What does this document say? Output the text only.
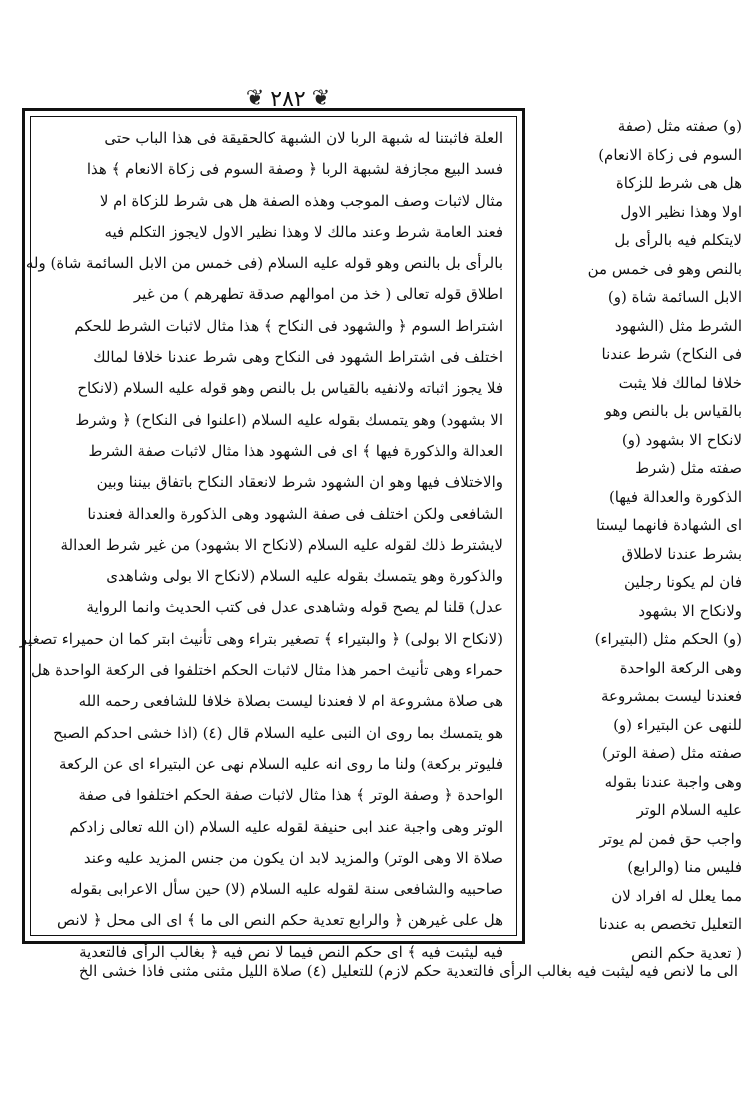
❦ ٢٨٢ ❦
العلة فاثبتنا له شبهة الربا لان الشبهة كالحقيقة فى هذا الباب حتى
فسد البيع مجازفة لشبهة الربا ﴿ وصفة السوم فى زكاة الانعام ﴾ هذا
مثال لاثبات وصف الموجب وهذه الصفة هل هى شرط للزكاة ام لا
فعند العامة شرط وعند مالك لا وهذا نظير الاول لايجوز التكلم فيه
بالرأى بل بالنص وهو قوله عليه السلام (فى خمس من الابل السائمة شاة) وله
اطلاق قوله تعالى ( خذ من اموالهم صدقة تطهرهم ) من غير
اشتراط السوم ﴿ والشهود فى النكاح ﴾ هذا مثال لاثبات الشرط للحكم
اختلف فى اشتراط الشهود فى النكاح وهى شرط عندنا خلافا لمالك
فلا يجوز اثباته ولانفيه بالقياس بل بالنص وهو قوله عليه السلام (لانكاح
الا بشهود) وهو يتمسك بقوله عليه السلام (اعلنوا فى النكاح) ﴿ وشرط
العدالة والذكورة فيها ﴾ اى فى الشهود هذا مثال لاثبات صفة الشرط
والاختلاف فيها وهو ان الشهود شرط لانعقاد النكاح باتفاق بيننا وبين
الشافعى ولكن اختلف فى صفة الشهود وهى الذكورة والعدالة فعندنا
لايشترط ذلك لقوله عليه السلام (لانكاح الا بشهود) من غير شرط العدالة
والذكورة وهو يتمسك بقوله عليه السلام (لانكاح الا بولى وشاهدى
عدل) قلنا لم يصح قوله وشاهدى عدل فى كتب الحديث وانما الرواية
(لانكاح الا بولى) ﴿ والبتيراء ﴾ تصغير بتراء وهى تأنيث ابتر كما ان حميراء تصغير
حمراء وهى تأنيث احمر هذا مثال لاثبات الحكم اختلفوا فى الركعة الواحدة هل
هى صلاة مشروعة ام لا فعندنا ليست بصلاة خلافا للشافعى رحمه الله
هو يتمسك بما روى ان النبى عليه السلام قال (٤) (اذا خشى احدكم الصبح
فليوتر بركعة) ولنا ما روى انه عليه السلام نهى عن البتيراء اى عن الركعة
الواحدة ﴿ وصفة الوتر ﴾ هذا مثال لاثبات صفة الحكم اختلفوا فى صفة
الوتر وهى واجبة عند ابى حنيفة لقوله عليه السلام (ان الله تعالى زادكم
صلاة الا وهى الوتر) والمزيد لابد ان يكون من جنس المزيد عليه وعند
صاحبيه والشافعى سنة لقوله عليه السلام (لا) حين سأل الاعرابى بقوله
هل على غيرهن ﴿ والرابع تعدية حكم النص الى ما ﴾ اى الى محل ﴿ لانص
فيه ليثبت فيه ﴾ اى حكم النص فيما لا نص فيه ﴿ بغالب الرأى فالتعدية
(و) صفته مثل (صفة
السوم فى زكاة الانعام)
هل هى شرط للزكاة
اولا وهذا نظير الاول
لايتكلم فيه بالرأى بل
بالنص وهو فى خمس من
الابل السائمة شاة (و)
الشرط مثل (الشهود
فى النكاح) شرط عندنا
خلافا لمالك فلا يثبت
بالقياس بل بالنص وهو
لانكاح الا بشهود (و)
صفته مثل (شرط
الذكورة والعدالة فيها)
اى الشهادة فانهما ليستا
بشرط عندنا لاطلاق
فان لم يكونا رجلين
ولانكاح الا بشهود
(و) الحكم مثل (البتيراء)
وهى الركعة الواحدة
فعندنا ليست بمشروعة
للنهى عن البتيراء (و)
صفته مثل (صفة الوتر)
وهى واجبة عندنا بقوله
عليه السلام الوتر
واجب حق فمن لم يوتر
فليس منا (والرابع)
مما يعلل له افراد لان
التعليل تخصص به عندنا
( تعدية حكم النص
الى ما لانص فيه ليثبت فيه بغالب الرأى فالتعدية حكم لازم) للتعليل (٤) صلاة الليل مثنى مثنى فاذا خشى الخ
